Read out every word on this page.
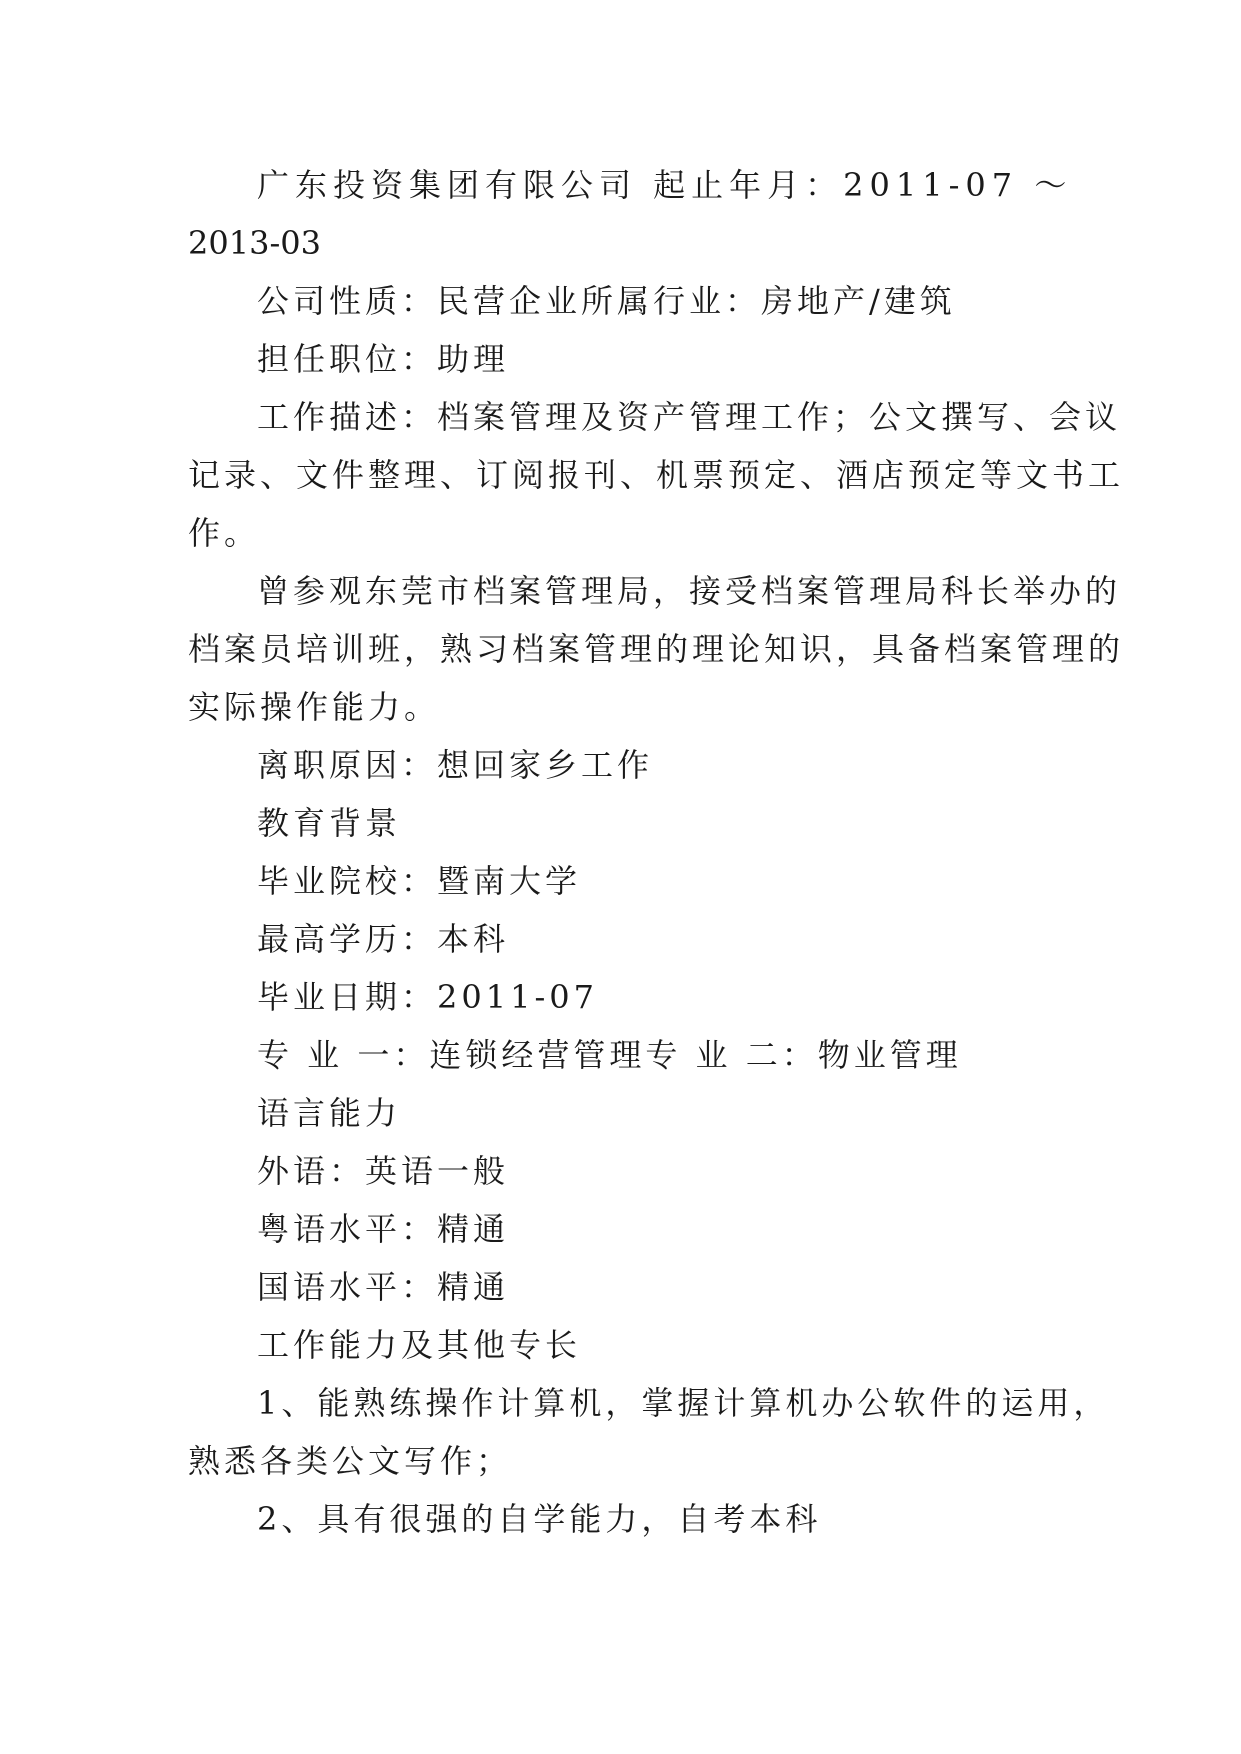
广东投资集团有限公司 起止年月：2011-07 ～
2013-03
公司性质：民营企业所属行业：房地产/建筑
担任职位：助理
工作描述：档案管理及资产管理工作；公文撰写、会议
记录、文件整理、订阅报刊、机票预定、酒店预定等文书工
作。
曾参观东莞市档案管理局，接受档案管理局科长举办的
档案员培训班，熟习档案管理的理论知识，具备档案管理的
实际操作能力。
离职原因：想回家乡工作
教育背景
毕业院校：暨南大学
最高学历：本科
毕业日期：2011-07
专 业 一：连锁经营管理专 业 二：物业管理
语言能力
外语：英语一般
粤语水平：精通
国语水平：精通
工作能力及其他专长
1、能熟练操作计算机，掌握计算机办公软件的运用，
熟悉各类公文写作；
2、具有很强的自学能力，自考本科
